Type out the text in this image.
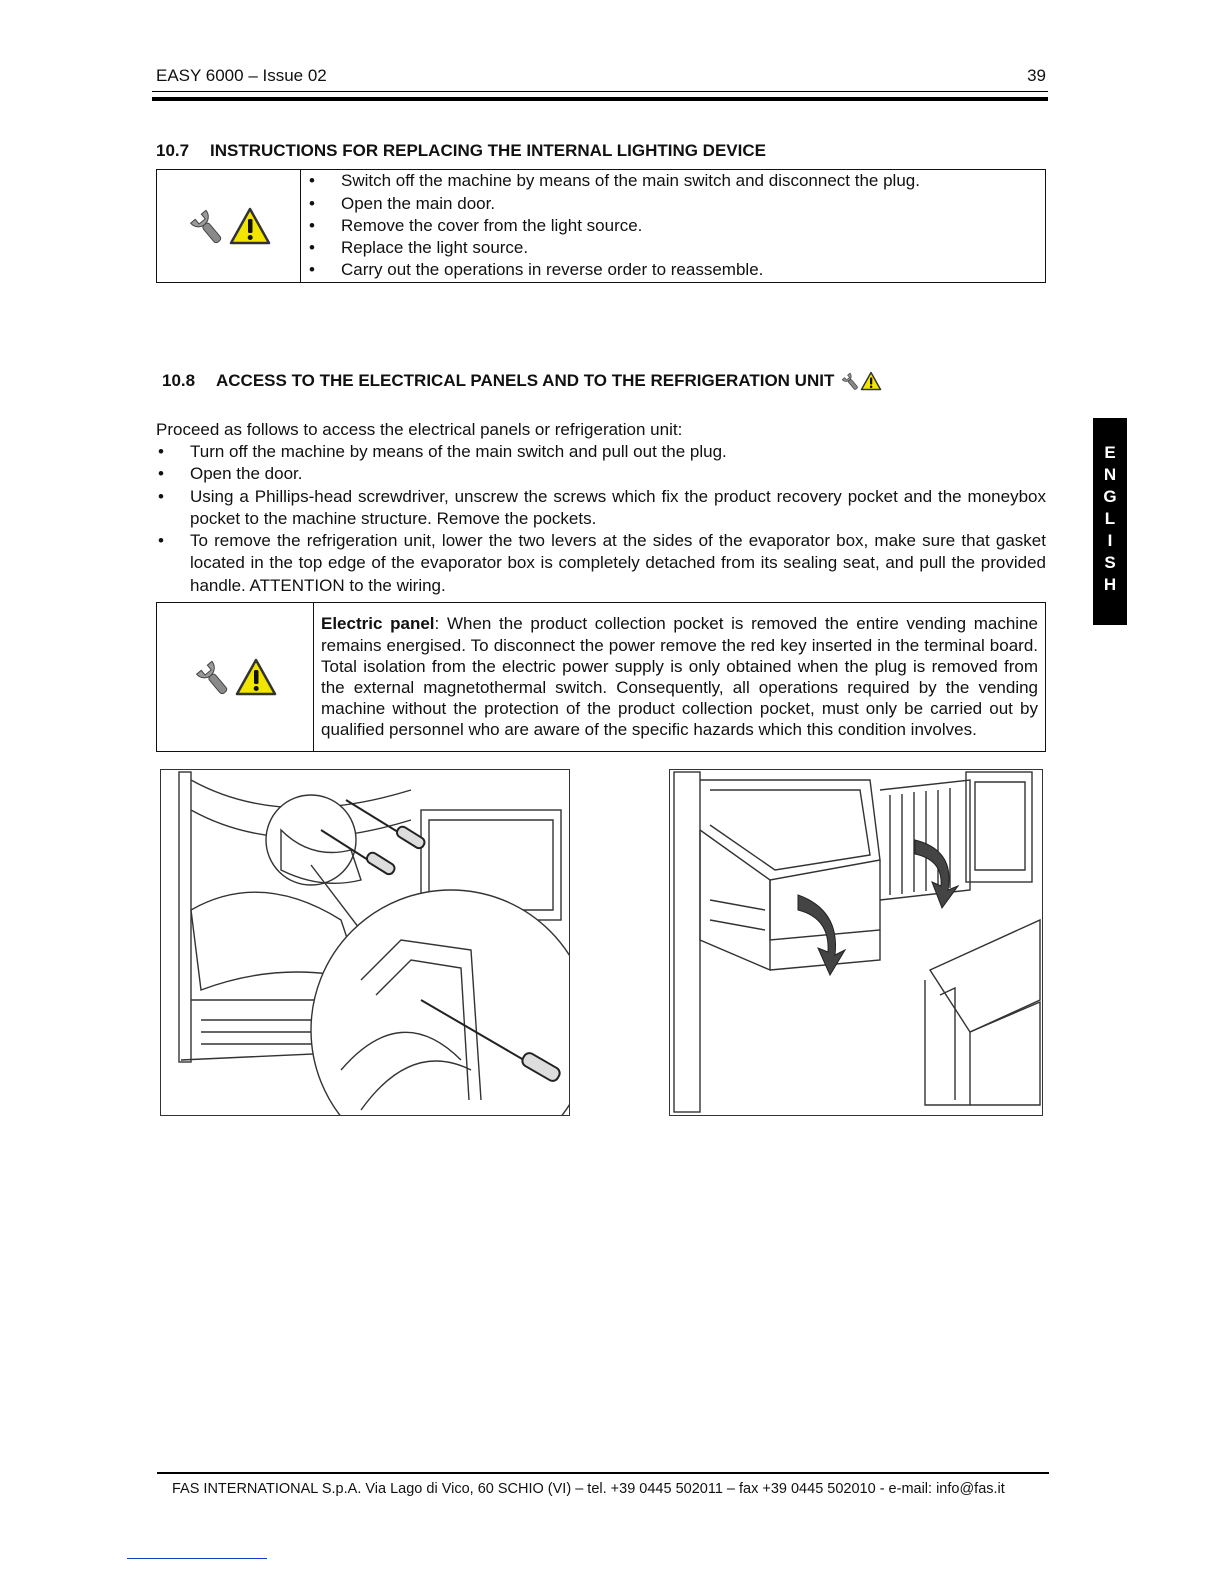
EASY 6000 – Issue 02	39
10.7 INSTRUCTIONS FOR REPLACING THE INTERNAL LIGHTING DEVICE

• Switch off the machine by means of the main switch and disconnect the plug.
• Open the main door.
• Remove the cover from the light source.
• Replace the light source.
• Carry out the operations in reverse order to reassemble.
10.8	ACCESS TO THE ELECTRICAL PANELS AND TO THE REFRIGERATION UNIT
Proceed as follows to access the electrical panels or refrigeration unit:
• Turn off the machine by means of the main switch and pull out the plug.
• Open the door.
• Using a Phillips-head screwdriver, unscrew the screws which fix the product recovery pocket and the moneybox pocket to the machine structure. Remove the pockets.
• To remove the refrigeration unit, lower the two levers at the sides of the evaporator box, make sure that gasket located in the top edge of the evaporator box is completely detached from its sealing seat, and pull the provided handle. ATTENTION to the wiring.

Electric panel: When the product collection pocket is removed the entire vending machine remains energised. To disconnect the power remove the red key inserted in the terminal board. Total isolation from the electric power supply is only obtained when the plug is removed from the external magnetothermal switch. Consequently, all operations required by the vending machine without the protection of the product collection pocket, must only be carried out by qualified personnel who are aware of the specific hazards which this condition involves.
E
N
G
L
I
S
H
FAS INTERNATIONAL S.p.A. Via Lago di Vico, 60 SCHIO (VI) – tel. +39 0445 502011 – fax +39 0445 502010 - e-mail: info@fas.it
